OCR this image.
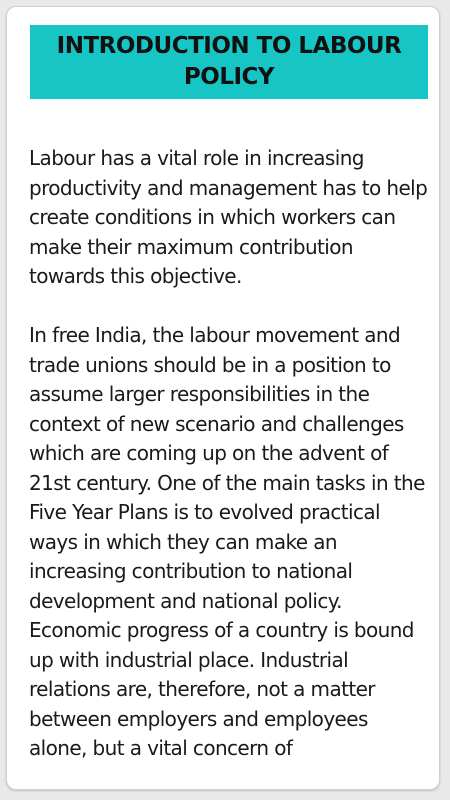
INTRODUCTION TO LABOUR POLICY

Labour has a vital role in increasing productivity and management has to help create conditions in which workers can make their maximum contribution towards this objective.

In free India, the labour movement and trade unions should be in a position to assume larger responsibilities in the context of new scenario and challenges which are coming up on the advent of 21st century. One of the main tasks in the Five Year Plans is to evolved practical ways in which they can make an increasing contribution to national development and national policy.

Economic progress of a country is bound up with industrial place. Industrial relations are, therefore, not a matter between employers and employees alone, but a vital concern of
